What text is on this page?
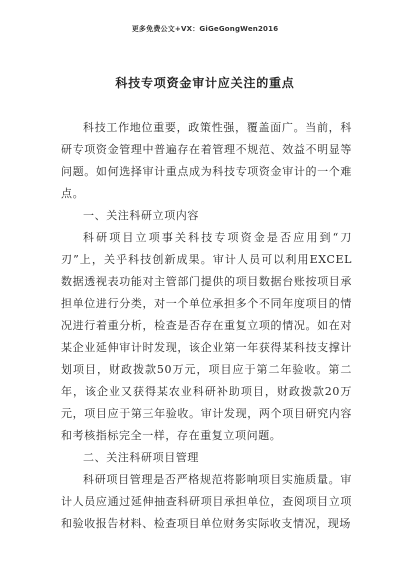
更多免费公文+VX：GiGeGongWen2016
科技专项资金审计应关注的重点

科技工作地位重要，政策性强，覆盖面广。当前，科研专项资金管理中普遍存在着管理不规范、效益不明显等问题。如何选择审计重点成为科技专项资金审计的一个难点。

一、关注科研立项内容

科研项目立项事关科技专项资金是否应用到“刀刃”上，关乎科技创新成果。审计人员可以利用EXCEL数据透视表功能对主管部门提供的项目数据台账按项目承担单位进行分类，对一个单位承担多个不同年度项目的情况进行着重分析，检查是否存在重复立项的情况。如在对某企业延伸审计时发现，该企业第一年获得某科技支撑计划项目，财政拨款50万元，项目应于第二年验收。第二年，该企业又获得某农业科研补助项目，财政拨款20万元，项目应于第三年验收。审计发现，两个项目研究内容和考核指标完全一样，存在重复立项问题。

二、关注科研项目管理

科研项目管理是否严格规范将影响项目实施质量。审计人员应通过延伸抽查科研项目承担单位，查阅项目立项和验收报告材料、检查项目单位财务实际收支情况，现场
